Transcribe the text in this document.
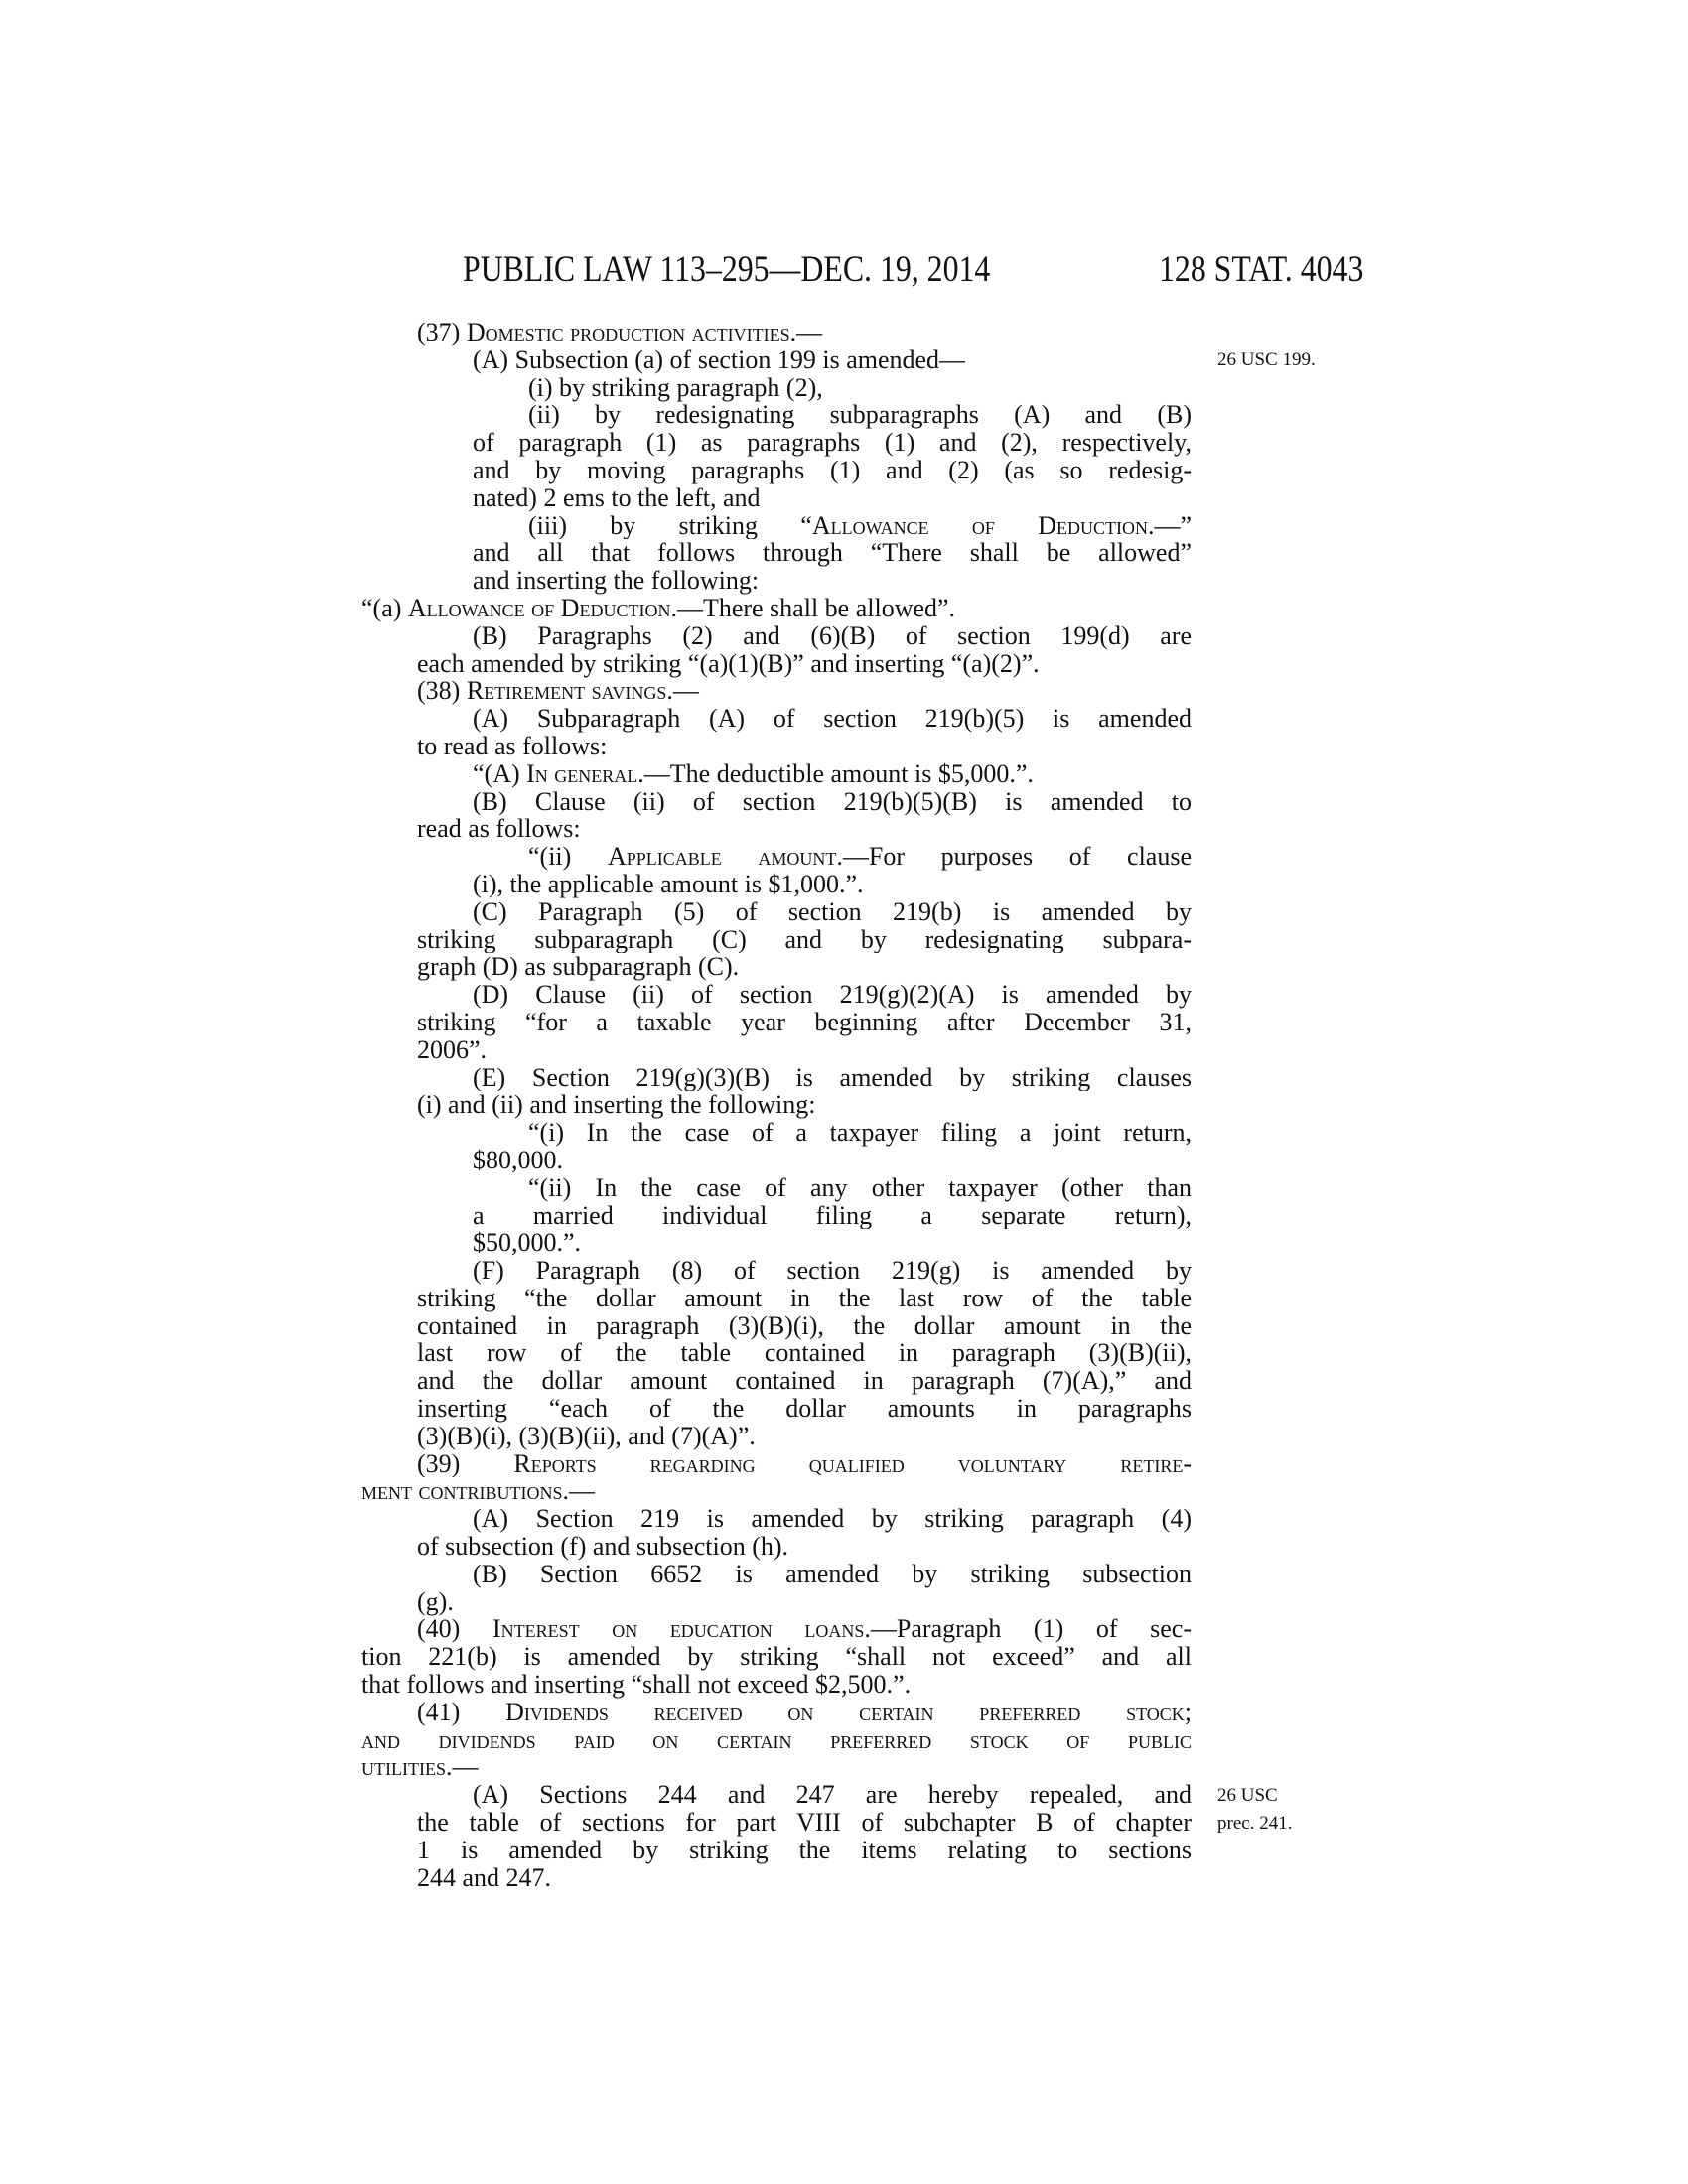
PUBLIC LAW 113–295—DEC. 19, 2014	128 STAT. 4043
(37) Domestic production activities.—
(A) Subsection (a) of section 199 is amended—
(i) by striking paragraph (2),
(ii) by redesignating subparagraphs (A) and (B)
of paragraph (1) as paragraphs (1) and (2), respectively,
and by moving paragraphs (1) and (2) (as so redesig-
nated) 2 ems to the left, and
(iii) by striking “Allowance of Deduction.—”
and all that follows through “There shall be allowed”
and inserting the following:
“(a) Allowance of Deduction.—There shall be allowed”.
(B) Paragraphs (2) and (6)(B) of section 199(d) are
each amended by striking “(a)(1)(B)” and inserting “(a)(2)”.
(38) Retirement savings.—
(A) Subparagraph (A) of section 219(b)(5) is amended
to read as follows:
“(A) In general.—The deductible amount is $5,000.”.
(B) Clause (ii) of section 219(b)(5)(B) is amended to
read as follows:
“(ii) Applicable amount.—For purposes of clause
(i), the applicable amount is $1,000.”.
(C) Paragraph (5) of section 219(b) is amended by
striking subparagraph (C) and by redesignating subpara-
graph (D) as subparagraph (C).
(D) Clause (ii) of section 219(g)(2)(A) is amended by
striking “for a taxable year beginning after December 31,
2006”.
(E) Section 219(g)(3)(B) is amended by striking clauses
(i) and (ii) and inserting the following:
“(i) In the case of a taxpayer filing a joint return,
$80,000.
“(ii) In the case of any other taxpayer (other than
a married individual filing a separate return),
$50,000.”.
(F) Paragraph (8) of section 219(g) is amended by
striking “the dollar amount in the last row of the table
contained in paragraph (3)(B)(i), the dollar amount in the
last row of the table contained in paragraph (3)(B)(ii),
and the dollar amount contained in paragraph (7)(A),” and
inserting “each of the dollar amounts in paragraphs
(3)(B)(i), (3)(B)(ii), and (7)(A)”.
(39) Reports regarding qualified voluntary retire-
ment contributions.—
(A) Section 219 is amended by striking paragraph (4)
of subsection (f) and subsection (h).
(B) Section 6652 is amended by striking subsection
(g).
(40) Interest on education loans.—Paragraph (1) of sec-
tion 221(b) is amended by striking “shall not exceed” and all
that follows and inserting “shall not exceed $2,500.”.
(41) Dividends received on certain preferred stock;
and dividends paid on certain preferred stock of public
utilities.—
(A) Sections 244 and 247 are hereby repealed, and
the table of sections for part VIII of subchapter B of chapter
1 is amended by striking the items relating to sections
244 and 247.
26 USC 199.
26 USC
prec. 241.
